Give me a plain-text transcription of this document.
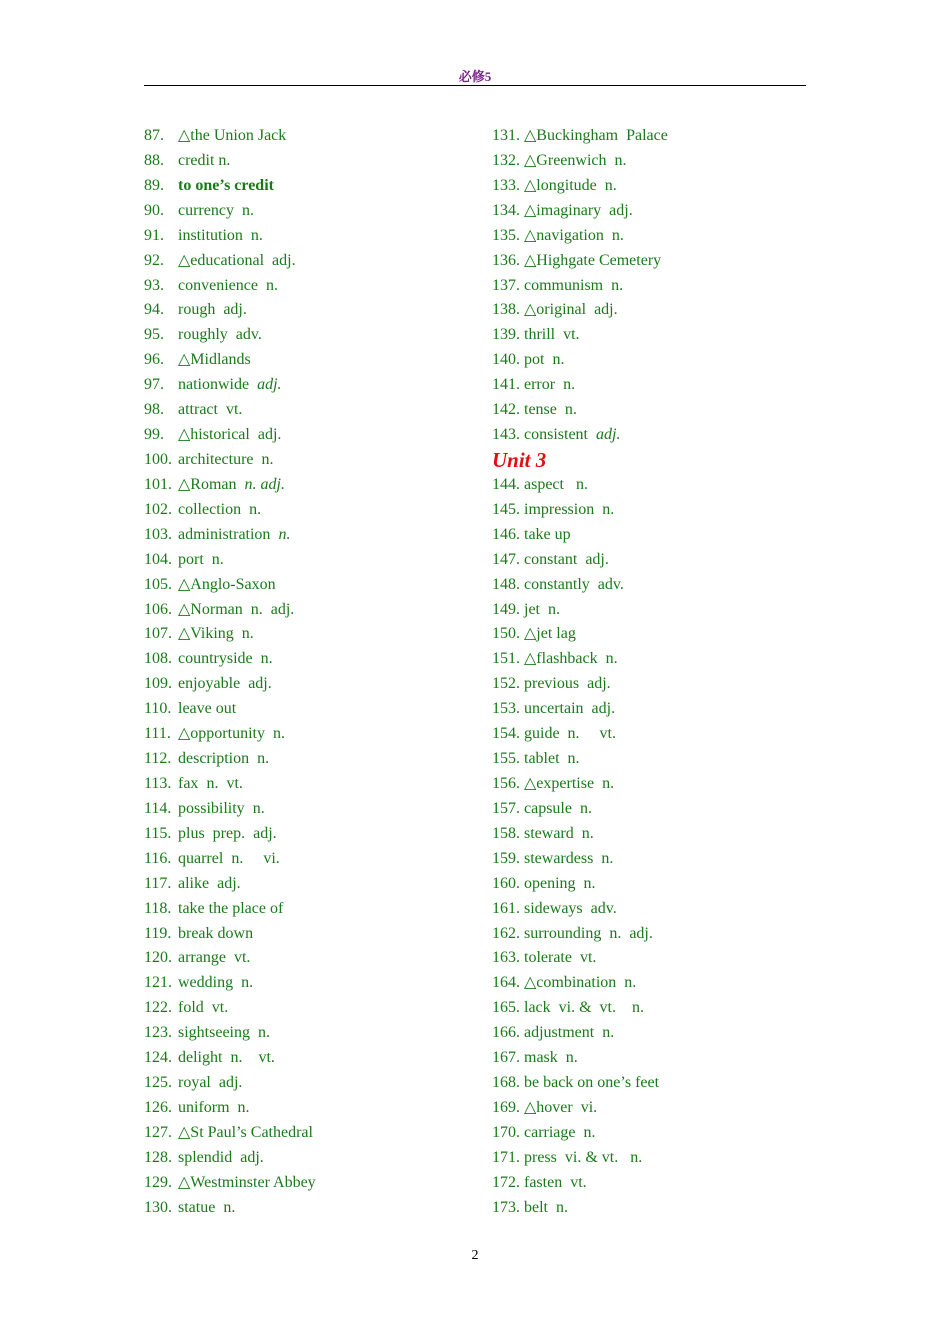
必修5
87. △the Union Jack
88. credit n.
89. to one’s credit
90. currency  n.
91. institution  n.
92. △educational  adj.
93. convenience  n.
94. rough  adj.
95. roughly  adv.
96. △Midlands
97. nationwide  adj.
98. attract  vt.
99. △historical  adj.
100. architecture  n.
101. △Roman  n. adj.
102. collection  n.
103. administration  n.
104. port  n.
105. △Anglo-Saxon
106. △Norman  n.  adj.
107. △Viking  n.
108. countryside  n.
109. enjoyable  adj.
110. leave out
111. △opportunity  n.
112. description  n.
113. fax  n.  vt.
114. possibility  n.
115. plus  prep.  adj.
116. quarrel  n.     vi.
117. alike  adj.
118. take the place of
119. break down
120. arrange  vt.
121. wedding  n.
122. fold  vt.
123. sightseeing  n.
124. delight  n.    vt.
125. royal  adj.
126. uniform  n.
127. △St Paul’s Cathedral
128. splendid  adj.
129. △Westminster Abbey
130. statue  n.
131. △Buckingham  Palace
132. △Greenwich  n.
133. △longitude  n.
134. △imaginary  adj.
135. △navigation  n.
136. △Highgate Cemetery
137. communism  n.
138. △original  adj.
139. thrill  vt.
140. pot  n.
141. error  n.
142. tense  n.
143. consistent  adj.
Unit 3
144. aspect   n.
145. impression  n.
146. take up
147. constant  adj.
148. constantly  adv.
149. jet  n.
150. △jet lag
151. △flashback  n.
152. previous  adj.
153. uncertain  adj.
154. guide  n.     vt.
155. tablet  n.
156. △expertise  n.
157. capsule  n.
158. steward  n.
159. stewardess  n.
160. opening  n.
161. sideways  adv.
162. surrounding  n.  adj.
163. tolerate  vt.
164. △combination  n.
165. lack  vi. &  vt.    n.
166. adjustment  n.
167. mask  n.
168. be back on one’s feet
169. △hover  vi.
170. carriage  n.
171. press  vi. & vt.   n.
172. fasten  vt.
173. belt  n.
2
